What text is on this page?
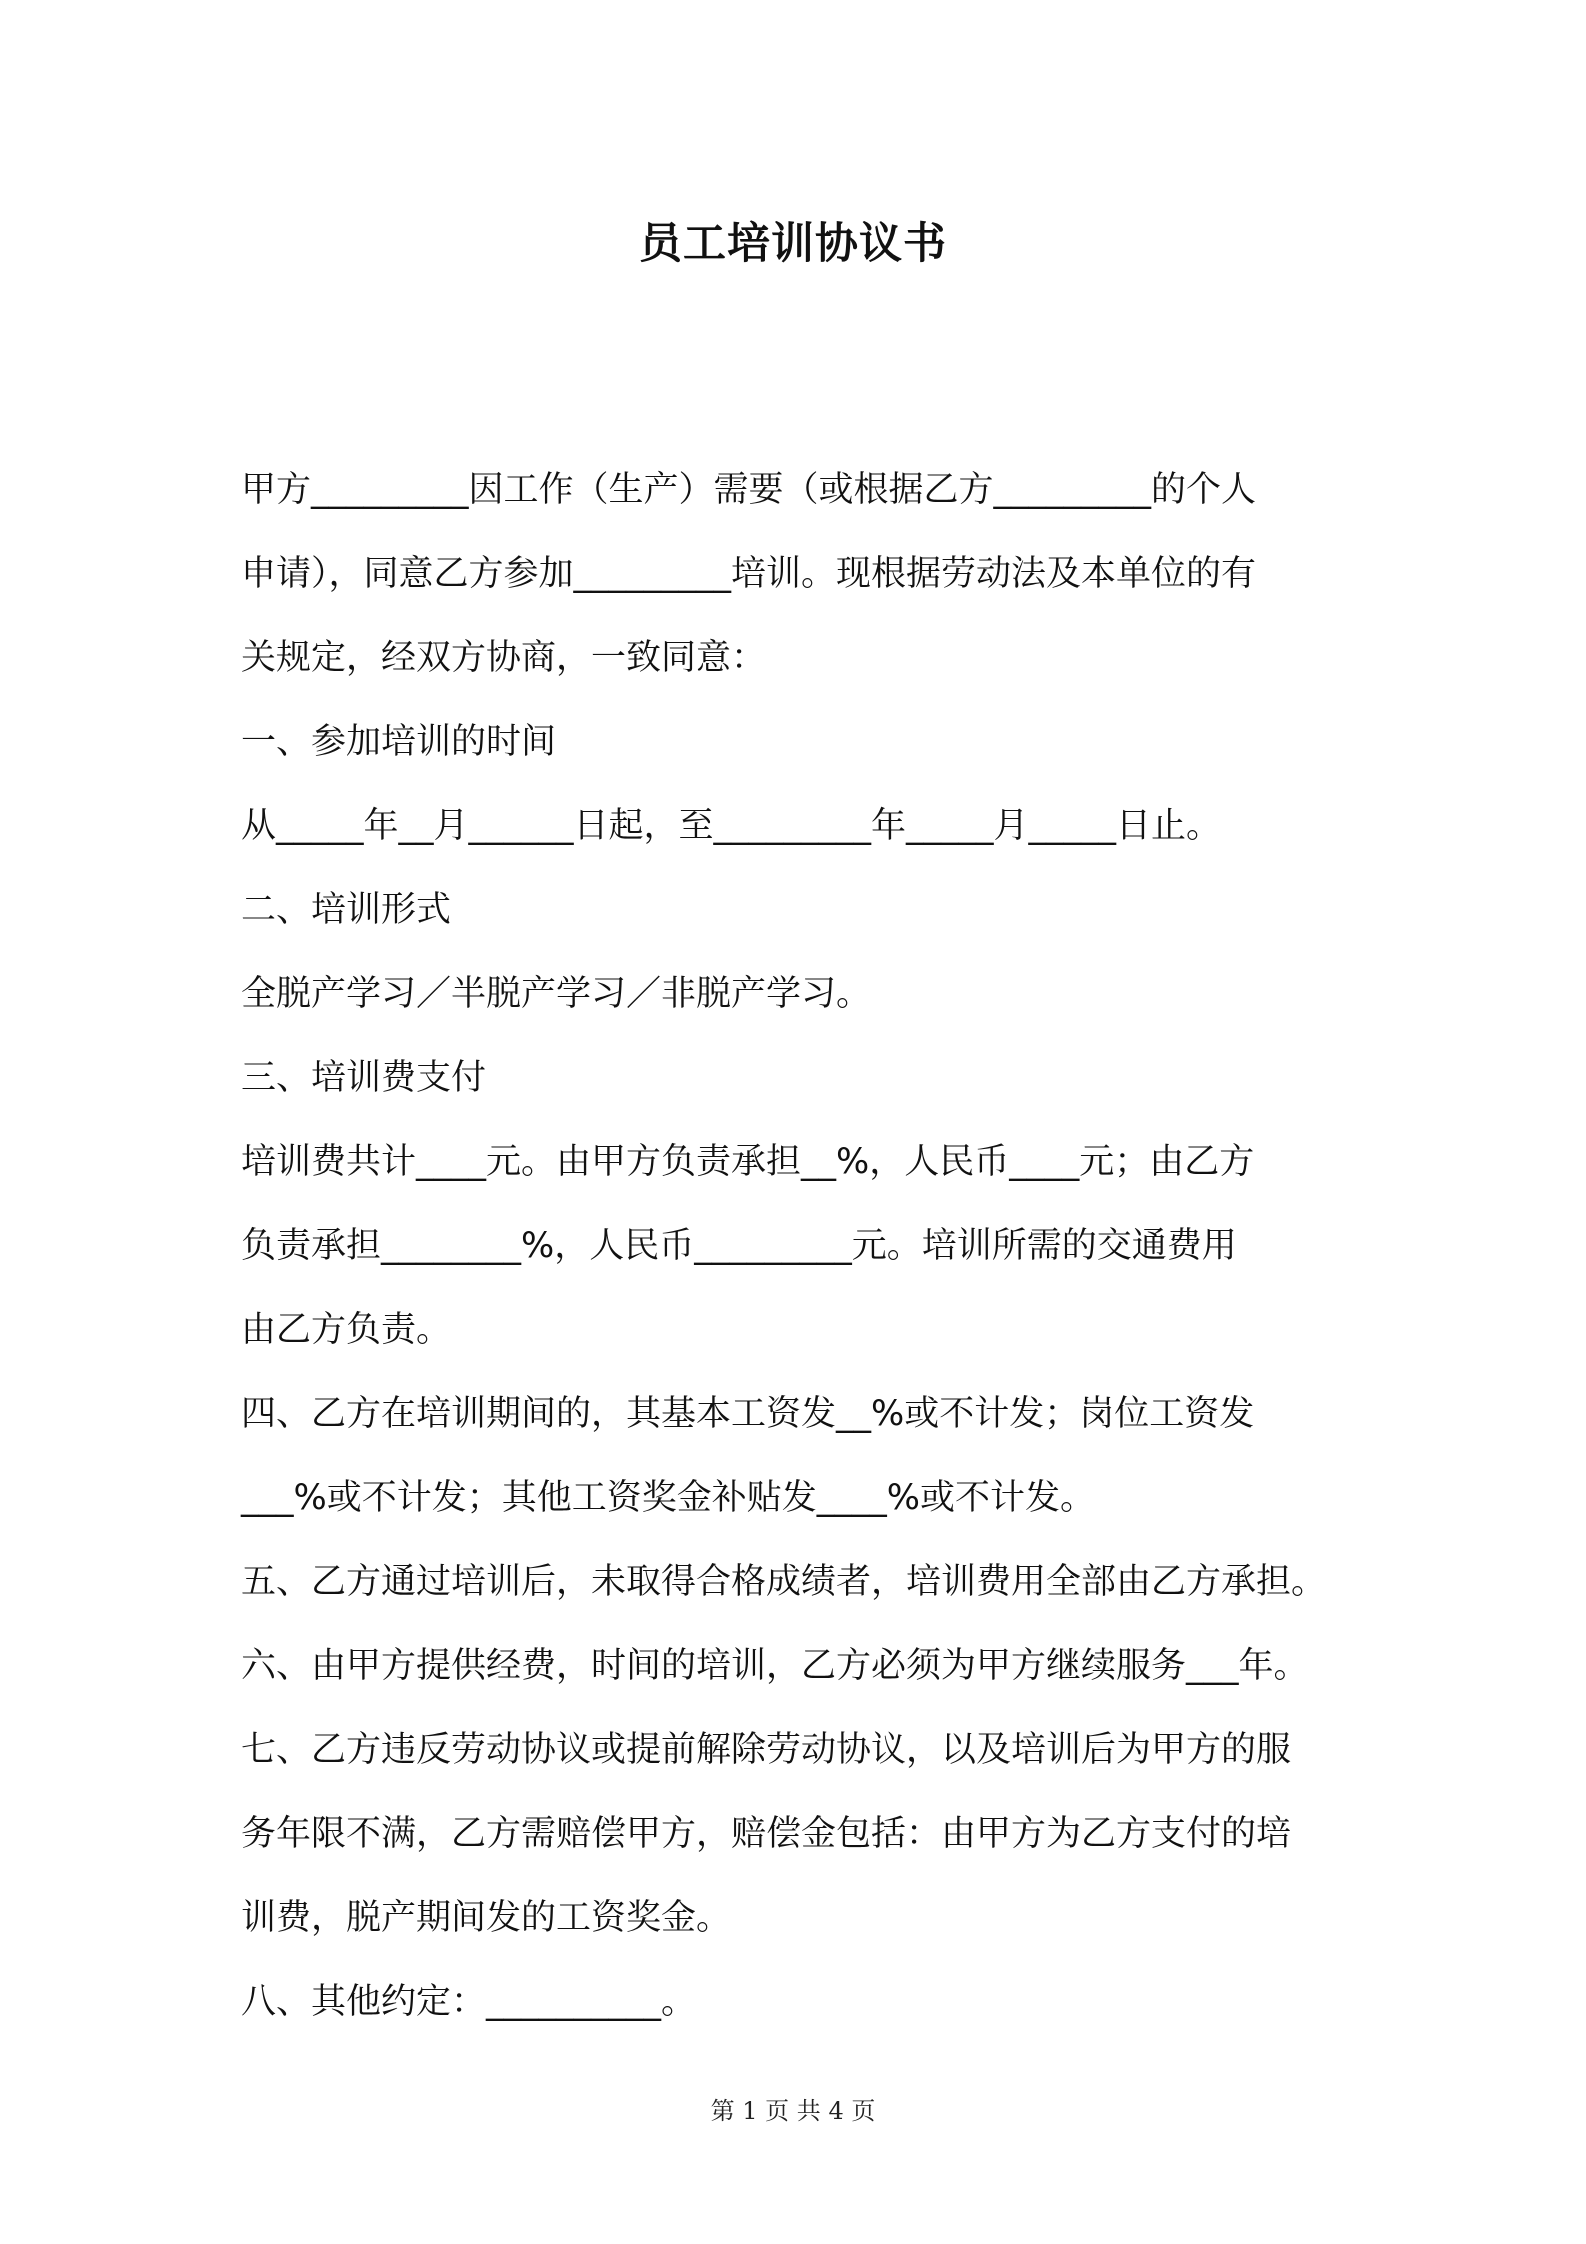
员工培训协议书
甲方_________因工作（生产）需要（或根据乙方_________的个人
申请），同意乙方参加_________培训。现根据劳动法及本单位的有
关规定，经双方协商，一致同意：
一、参加培训的时间
从_____年__月______日起，至_________年_____月_____日止。
二、培训形式
全脱产学习／半脱产学习／非脱产学习。
三、培训费支付
培训费共计____元。由甲方负责承担__%，人民币____元；由乙方
负责承担________%，人民币_________元。培训所需的交通费用
由乙方负责。
四、乙方在培训期间的，其基本工资发__%或不计发；岗位工资发
___%或不计发；其他工资奖金补贴发____%或不计发。
五、乙方通过培训后，未取得合格成绩者，培训费用全部由乙方承担。
六、由甲方提供经费，时间的培训，乙方必须为甲方继续服务___年。
七、乙方违反劳动协议或提前解除劳动协议，以及培训后为甲方的服
务年限不满，乙方需赔偿甲方，赔偿金包括：由甲方为乙方支付的培
训费，脱产期间发的工资奖金。
八、其他约定：__________。
第 1 页 共 4 页
